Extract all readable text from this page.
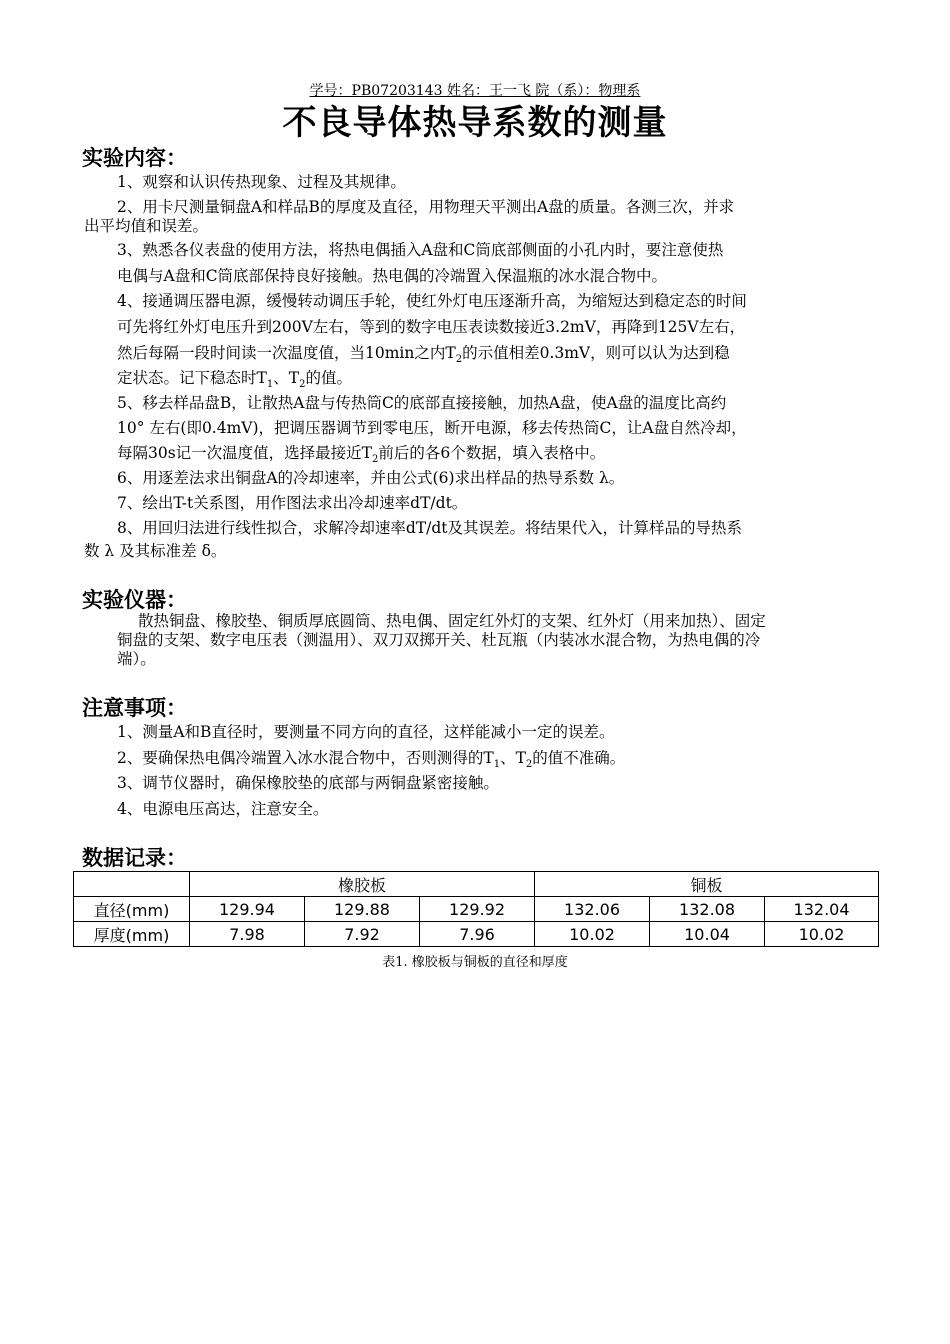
学号：PB07203143 姓名：王一飞 院（系）：物理系
不良导体热导系数的测量
实验内容：
1、观察和认识传热现象、过程及其规律。
2、用卡尺测量铜盘A和样品B的厚度及直径，用物理天平测出A盘的质量。各测三次，并求
出平均值和误差。
3、熟悉各仪表盘的使用方法，将热电偶插入A盘和C筒底部侧面的小孔内时，要注意使热
电偶与A盘和C筒底部保持良好接触。热电偶的冷端置入保温瓶的冰水混合物中。
4、接通调压器电源，缓慢转动调压手轮，使红外灯电压逐渐升高，为缩短达到稳定态的时间
可先将红外灯电压升到200V左右，等到的数字电压表读数接近3.2mV，再降到125V左右，
然后每隔一段时间读一次温度值，当10min之内$T_2$的示值相差0.3mV，则可以认为达到稳
定状态。记下稳态时$T_1$、$T_2$的值。
5、移去样品盘B，让散热A盘与传热筒C的底部直接接触，加热A盘，使A盘的温度比高约
10° 左右(即0.4mV)，把调压器调节到零电压，断开电源，移去传热筒C，让A盘自然冷却，
每隔30s记一次温度值，选择最接近$T_2$前后的各6个数据，填入表格中。
6、用逐差法求出铜盘A的冷却速率，并由公式(6)求出样品的热导系数 λ。
7、绘出T-t关系图，用作图法求出冷却速率dT/dt。
8、用回归法进行线性拟合，求解冷却速率dT/dt及其误差。将结果代入，计算样品的导热系
数 λ 及其标准差 δ。
实验仪器：
散热铜盘、橡胶垫、铜质厚底圆筒、热电偶、固定红外灯的支架、红外灯（用来加热）、固定
铜盘的支架、数字电压表（测温用）、双刀双掷开关、杜瓦瓶（内装冰水混合物，为热电偶的冷
端）。
注意事项：
1、测量A和B直径时，要测量不同方向的直径，这样能减小一定的误差。
2、要确保热电偶冷端置入冰水混合物中，否则测得的$T_1$、$T_2$的值不准确。
3、调节仪器时，确保橡胶垫的底部与两铜盘紧密接触。
4、电源电压高达，注意安全。
数据记录：
	橡胶板			铜板		
直径(mm)	129.94	129.88	129.92	132.06	132.08	132.04
厚度(mm)	7.98	7.92	7.96	10.02	10.04	10.02
表1. 橡胶板与铜板的直径和厚度
